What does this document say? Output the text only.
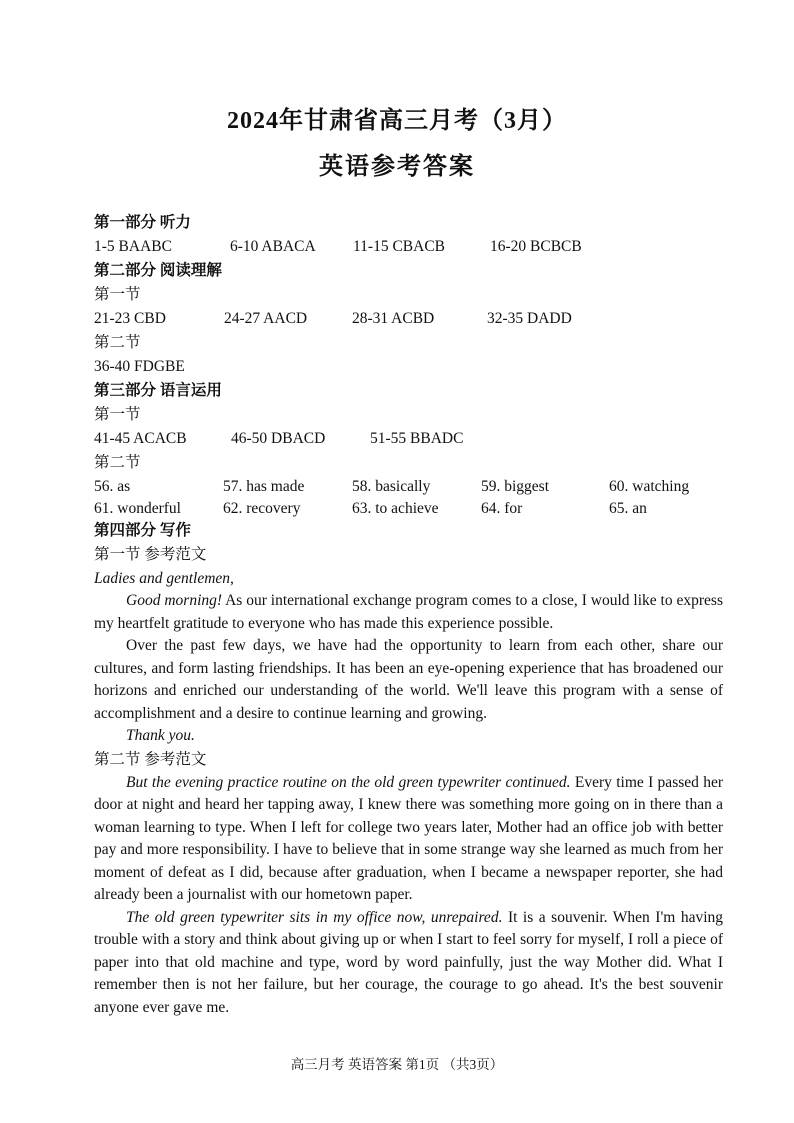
2024年甘肃省高三月考（3月）
英语参考答案
第一部分 听力
1-5 BAABC	6-10 ABACA 11-15 CBACB	16-20 BCBCB
第二部分 阅读理解
第一节
21-23 CBD	24-27 AACD	28-31 ACBD	32-35 DADD
第二节
36-40 FDGBE
第三部分 语言运用
第一节
41-45 ACACB	46-50 DBACD	51-55 BBADC
第二节
56. as	57. has made	58. basically	59. biggest	60. watching
61. wonderful	62. recovery	63. to achieve	64. for	65. an
第四部分 写作
第一节 参考范文

Ladies and gentlemen,

Good morning! As our international exchange program comes to a close, I would like to express my heartfelt gratitude to everyone who has made this experience possible.

Over the past few days, we have had the opportunity to learn from each other, share our cultures, and form lasting friendships. It has been an eye-opening experience that has broadened our horizons and enriched our understanding of the world. We'll leave this program with a sense of accomplishment and a desire to continue learning and growing.

Thank you.

第二节 参考范文

But the evening practice routine on the old green typewriter continued. Every time I passed her door at night and heard her tapping away, I knew there was something more going on in there than a woman learning to type. When I left for college two years later, Mother had an office job with better pay and more responsibility. I have to believe that in some strange way she learned as much from her moment of defeat as I did, because after graduation, when I became a newspaper reporter, she had already been a journalist with our hometown paper.

The old green typewriter sits in my office now, unrepaired. It is a souvenir. When I'm having trouble with a story and think about giving up or when I start to feel sorry for myself, I roll a piece of paper into that old machine and type, word by word painfully, just the way Mother did. What I remember then is not her failure, but her courage, the courage to go ahead. It's the best souvenir anyone ever gave me.

高三月考 英语答案 第1页 （共3页）
